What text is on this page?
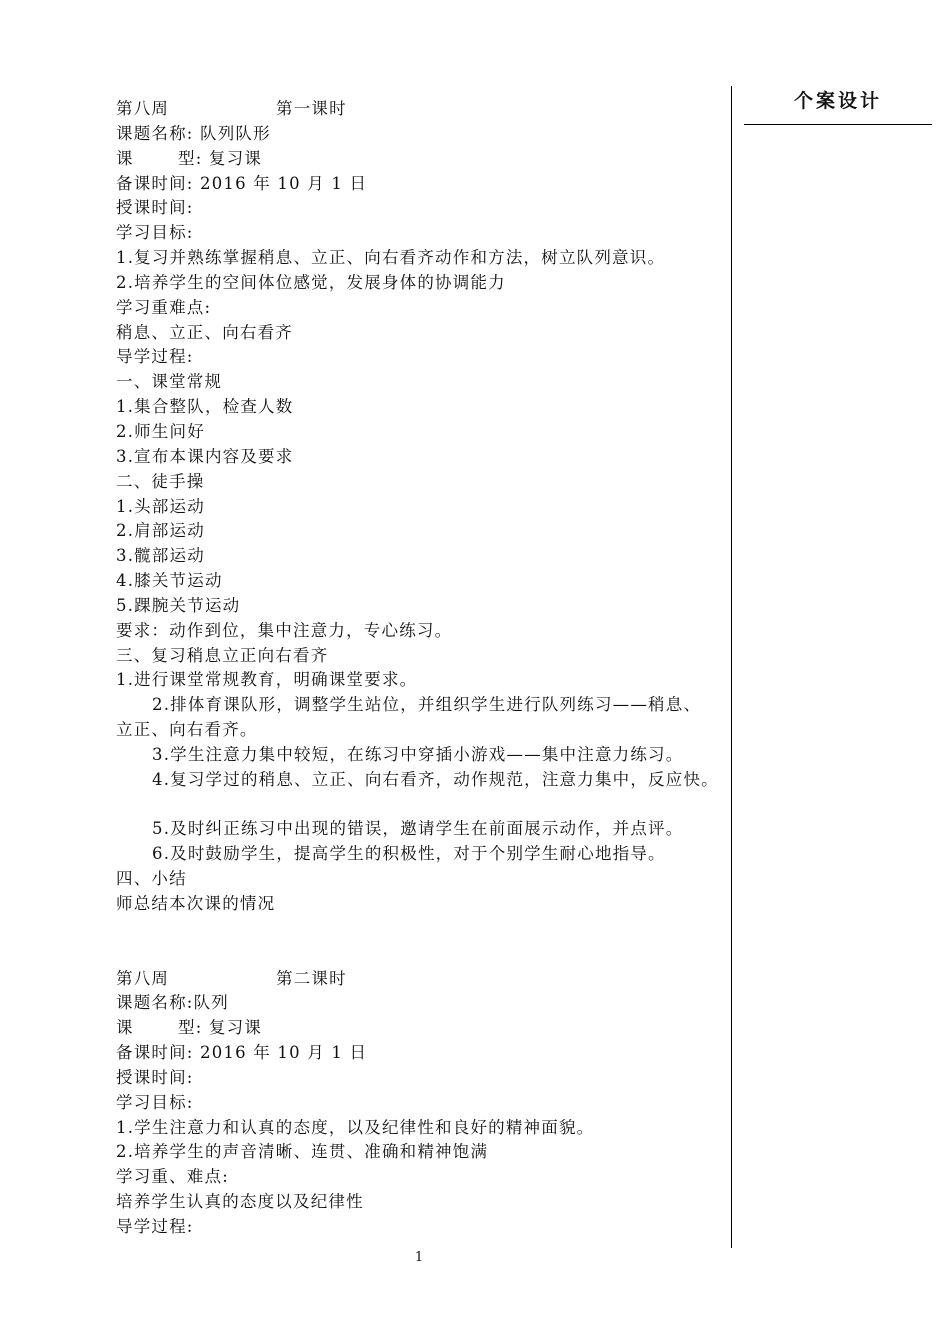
第八周	第一课时
课题名称: 队列队形
课	型: 复习课
备课时间: 2016 年 10 月 1 日
授课时间:
学习目标:
1.复习并熟练掌握稍息、立正、向右看齐动作和方法，树立队列意识。
2.培养学生的空间体位感觉，发展身体的协调能力
学习重难点:
稍息、立正、向右看齐
导学过程:
一、课堂常规
1.集合整队，检查人数
2.师生问好
3.宣布本课内容及要求
二、徒手操
1.头部运动
2.肩部运动
3.髋部运动
4.膝关节运动
5.踝腕关节运动
要求：动作到位，集中注意力，专心练习。
三、复习稍息立正向右看齐
1.进行课堂常规教育，明确课堂要求。
2.排体育课队形，调整学生站位，并组织学生进行队列练习——稍息、
立正、向右看齐。
3.学生注意力集中较短，在练习中穿插小游戏——集中注意力练习。
4.复习学过的稍息、立正、向右看齐，动作规范，注意力集中，反应快。
5.及时纠正练习中出现的错误，邀请学生在前面展示动作，并点评。
6.及时鼓励学生，提高学生的积极性，对于个别学生耐心地指导。
四、小结
师总结本次课的情况
第八周	第二课时
课题名称:队列
课	型: 复习课
备课时间: 2016 年 10 月 1 日
授课时间:
学习目标:
1.学生注意力和认真的态度，以及纪律性和良好的精神面貌。
2.培养学生的声音清晰、连贯、准确和精神饱满
学习重、难点:
培养学生认真的态度以及纪律性
导学过程:
个案设计
1
